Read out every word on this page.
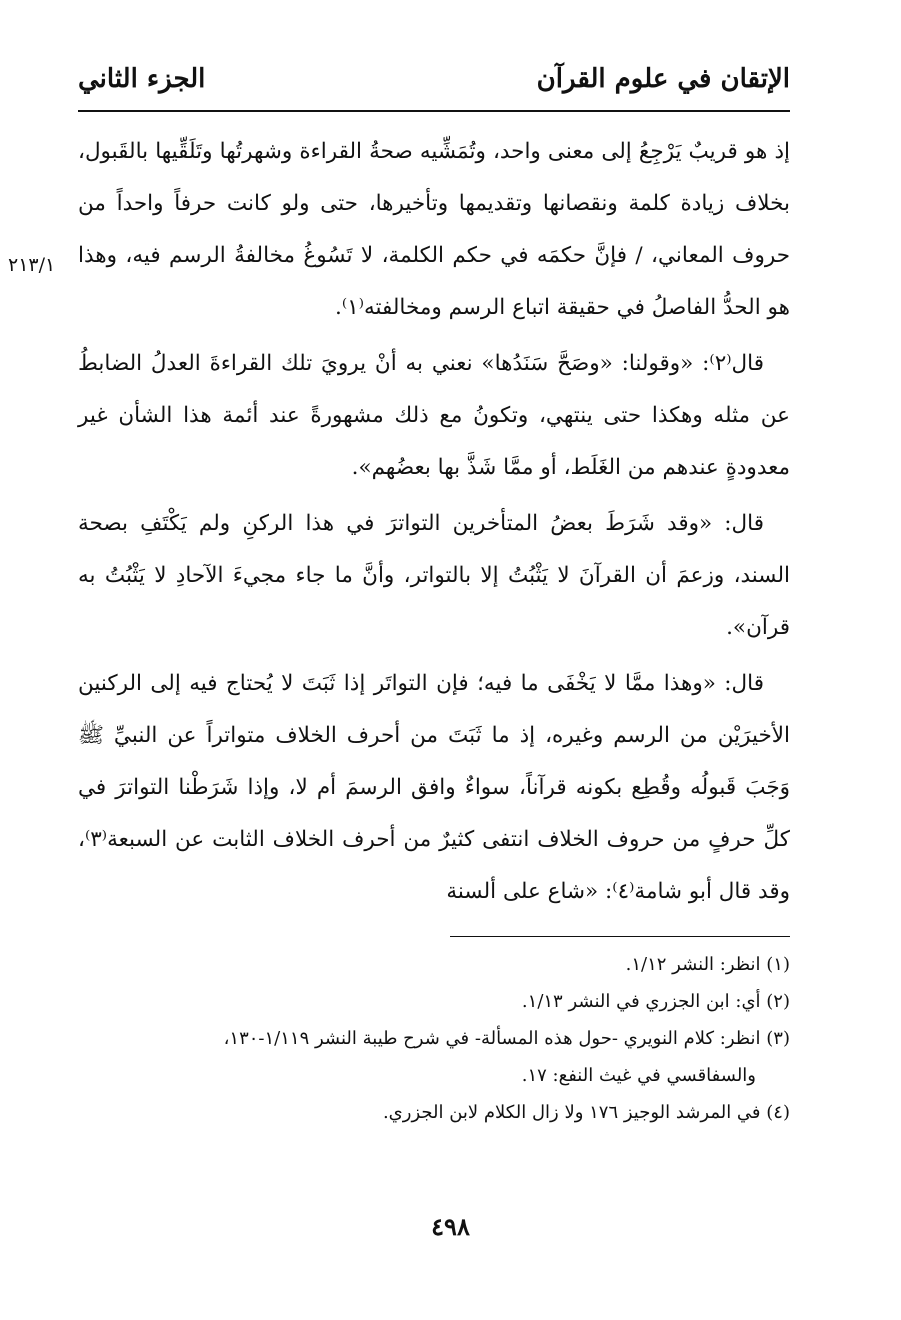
الإتقان في علوم القرآن
الجزء الثاني
٢١٣/١

إذ هو قريبٌ يَرْجِعُ إلى معنى واحد، وتُمَشِّيه صحةُ القراءة وشهرتُها وتَلَقِّيها بالقَبول، بخلاف زيادة كلمة ونقصانها وتقديمها وتأخيرها، حتى ولو كانت حرفاً واحداً من حروف المعاني، / فإنَّ حكمَه في حكم الكلمة، لا تَسُوغُ مخالفةُ الرسم فيه، وهذا هو الحدُّ الفاصلُ في حقيقة اتباع الرسم ومخالفته⁽١⁾.

قال⁽٢⁾: «وقولنا: «وصَحَّ سَنَدُها» نعني به أنْ يرويَ تلك القراءةَ العدلُ الضابطُ عن مثله وهكذا حتى ينتهي، وتكونُ مع ذلك مشهورةً عند أئمة هذا الشأن غير معدودةٍ عندهم من الغَلَط، أو ممَّا شَذَّ بها بعضُهم».

قال: «وقد شَرَطَ بعضُ المتأخرين التواترَ في هذا الركنِ ولم يَكْتَفِ بصحة السند، وزعمَ أن القرآنَ لا يَثْبُتُ إلا بالتواتر، وأنَّ ما جاء مجيءَ الآحادِ لا يَثْبُتُ به قرآن».

قال: «وهذا ممَّا لا يَخْفَى ما فيه؛ فإن التواتَر إذا ثَبَتَ لا يُحتاج فيه إلى الركنين الأخيرَيْن من الرسم وغيره، إذ ما ثَبَتَ من أحرف الخلاف متواتراً عن النبيِّ ﷺ وَجَبَ قَبولُه وقُطِع بكونه قرآناً، سواءٌ وافق الرسمَ أم لا، وإذا شَرَطْنا التواترَ في كلِّ حرفٍ من حروف الخلاف انتفى كثيرٌ من أحرف الخلاف الثابت عن السبعة⁽٣⁾، وقد قال أبو شامة⁽٤⁾: «شاع على ألسنة

(١) انظر: النشر ١/١٢.

(٢) أي: ابن الجزري في النشر ١/١٣.

(٣) انظر: كلام النويري -حول هذه المسألة- في شرح طيبة النشر ١/١١٩-١٣٠،

والسفاقسي في غيث النفع: ١٧.

(٤) في المرشد الوجيز ١٧٦ ولا زال الكلام لابن الجزري.

٤٩٨
